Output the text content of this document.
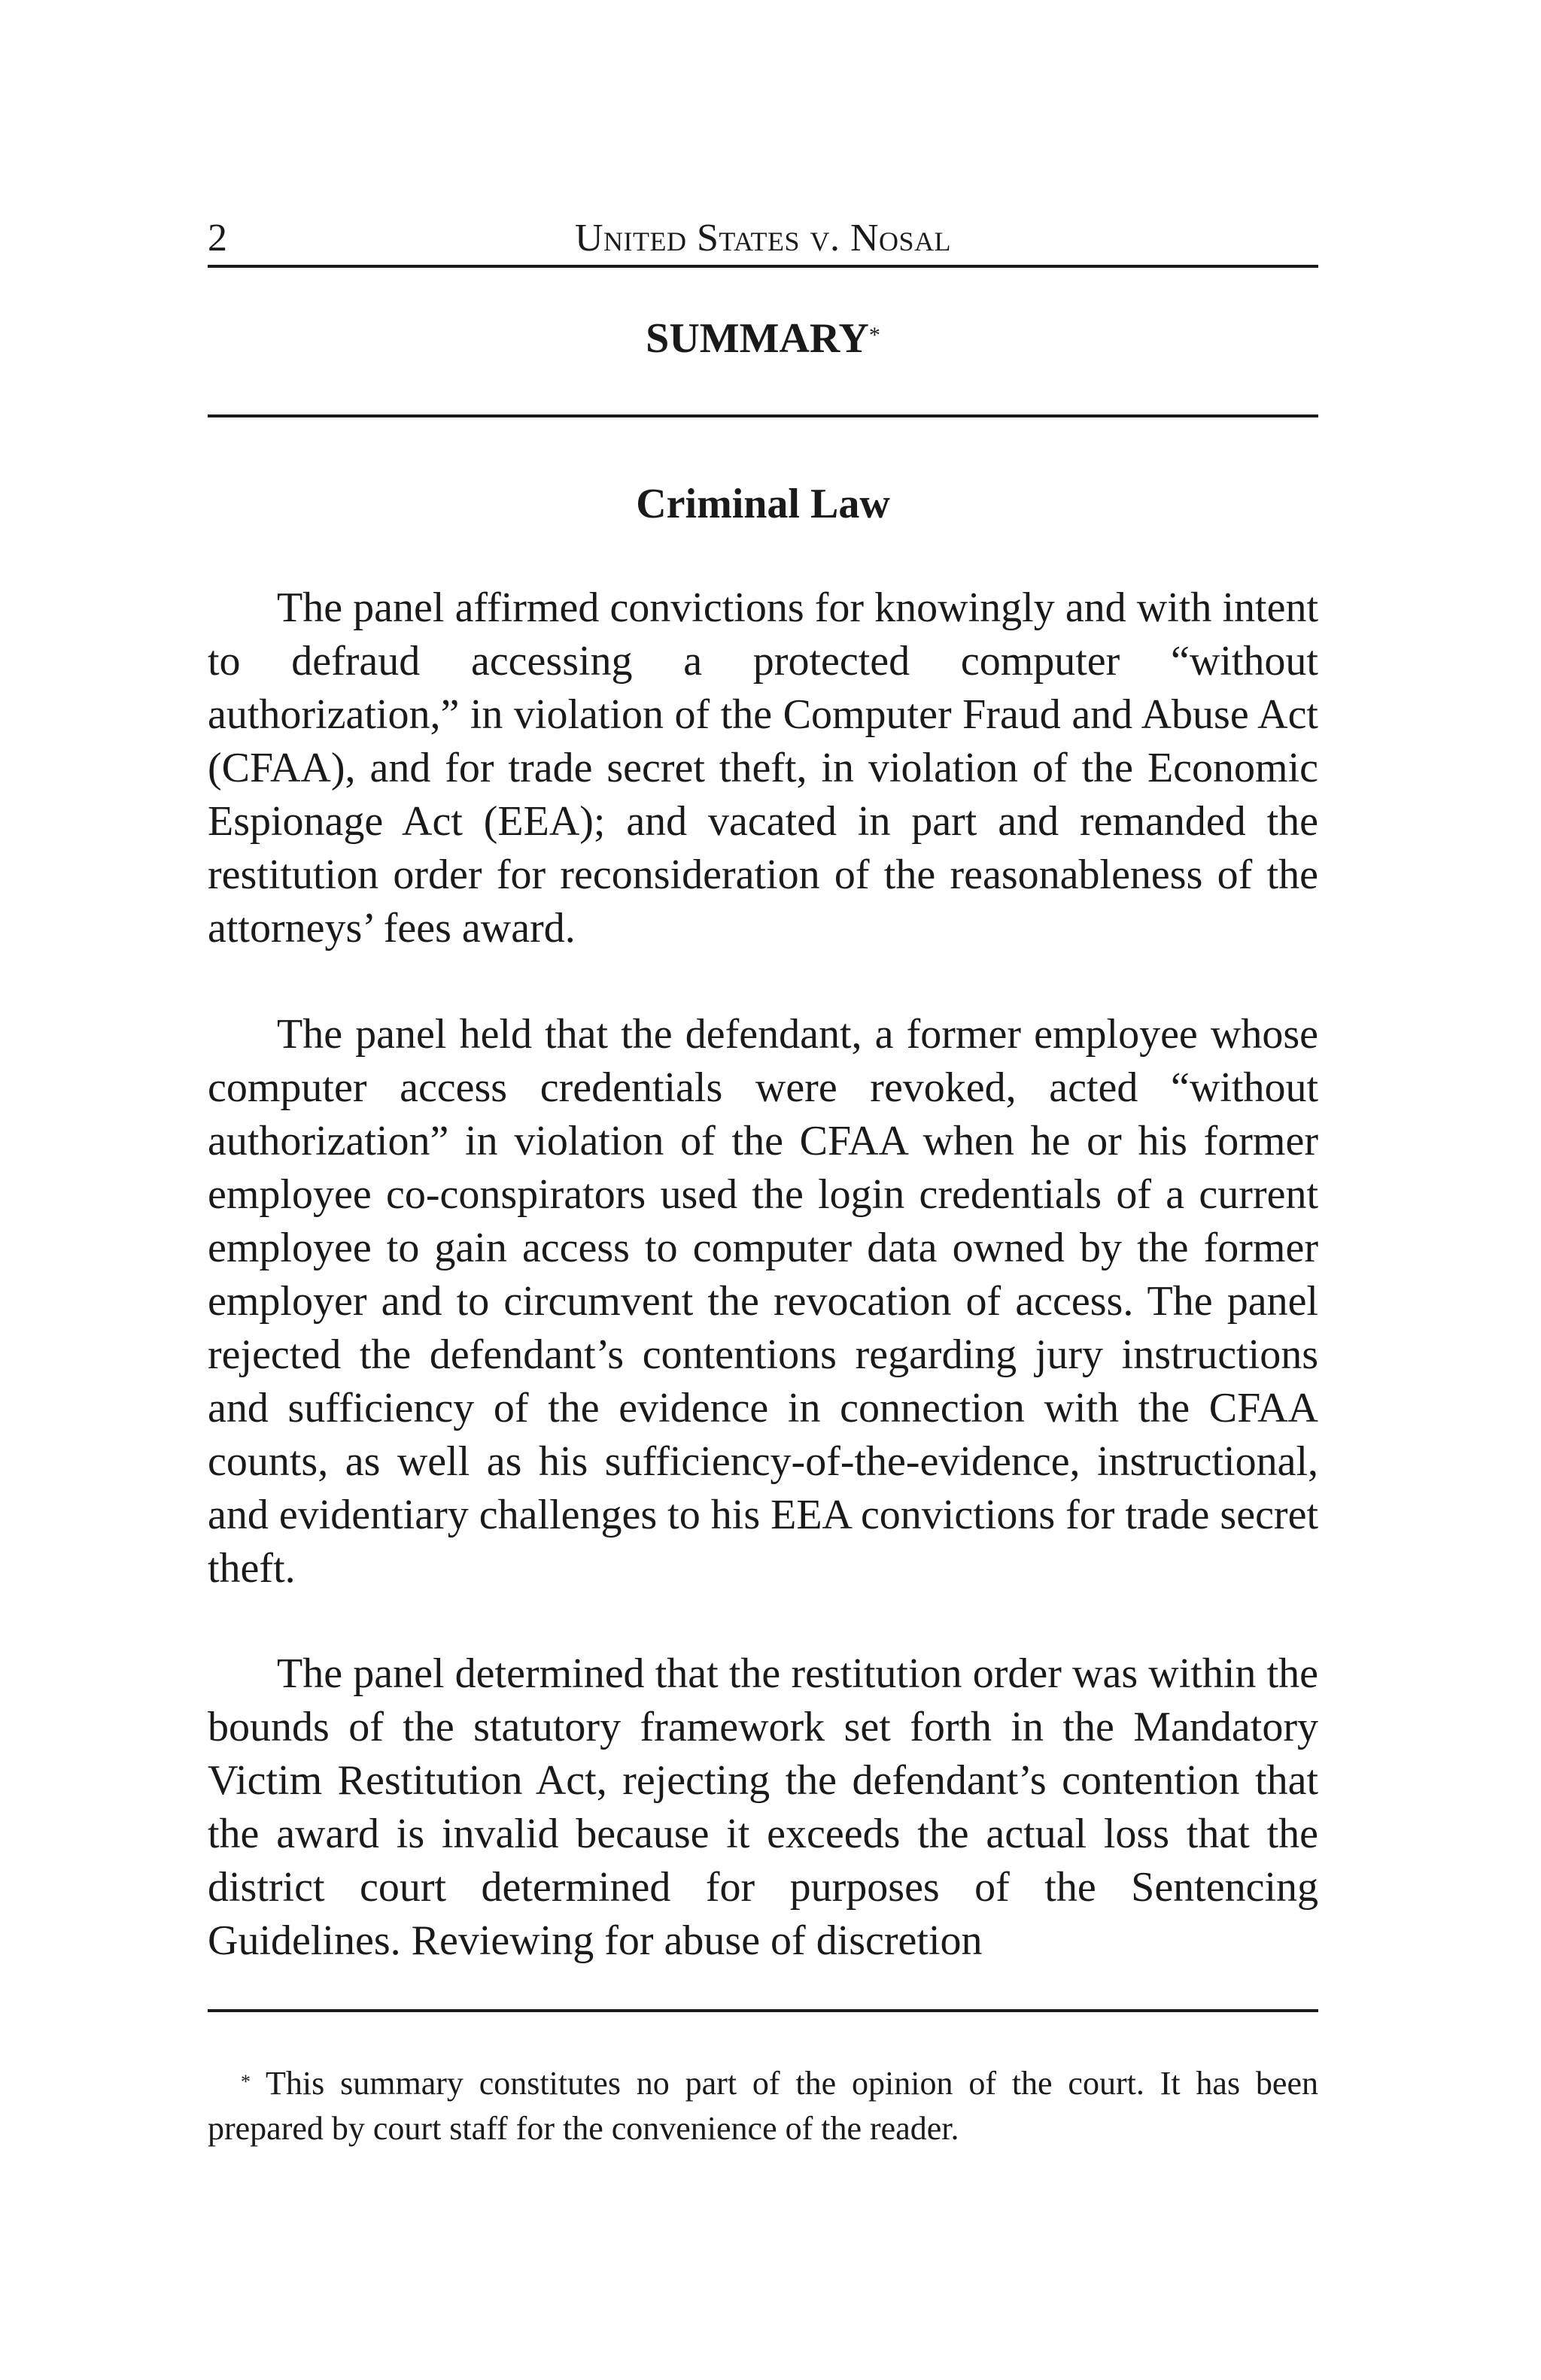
2	United States v. Nosal
SUMMARY*
Criminal Law

The panel affirmed convictions for knowingly and with intent to defraud accessing a protected computer “without authorization,” in violation of the Computer Fraud and Abuse Act (CFAA), and for trade secret theft, in violation of the Economic Espionage Act (EEA); and vacated in part and remanded the restitution order for reconsideration of the reasonableness of the attorneys’ fees award.

The panel held that the defendant, a former employee whose computer access credentials were revoked, acted “without authorization” in violation of the CFAA when he or his former employee co-conspirators used the login credentials of a current employee to gain access to computer data owned by the former employer and to circumvent the revocation of access. The panel rejected the defendant’s contentions regarding jury instructions and sufficiency of the evidence in connection with the CFAA counts, as well as his sufficiency-of-the-evidence, instructional, and evidentiary challenges to his EEA convictions for trade secret theft.

The panel determined that the restitution order was within the bounds of the statutory framework set forth in the Mandatory Victim Restitution Act, rejecting the defendant’s contention that the award is invalid because it exceeds the actual loss that the district court determined for purposes of the Sentencing Guidelines. Reviewing for abuse of discretion

* This summary constitutes no part of the opinion of the court. It has been prepared by court staff for the convenience of the reader.
